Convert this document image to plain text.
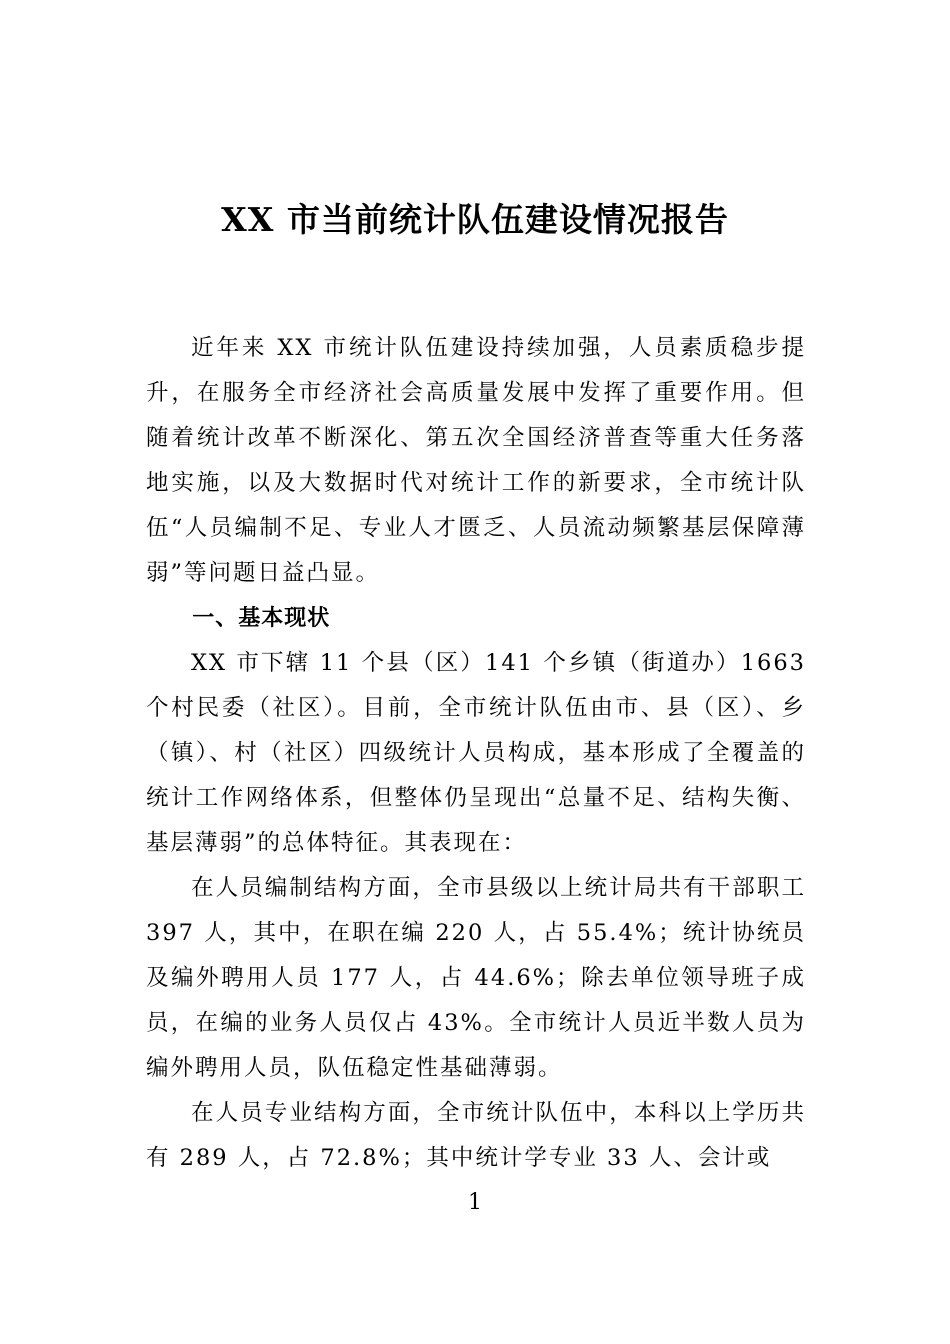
XX 市当前统计队伍建设情况报告

近年来 XX 市统计队伍建设持续加强，人员素质稳步提升，在服务全市经济社会高质量发展中发挥了重要作用。但随着统计改革不断深化、第五次全国经济普查等重大任务落地实施，以及大数据时代对统计工作的新要求，全市统计队伍“人员编制不足、专业人才匮乏、人员流动频繁基层保障薄弱”等问题日益凸显。

一、基本现状

XX 市下辖 11 个县（区）141 个乡镇（街道办）1663 个村民委（社区）。目前，全市统计队伍由市、县（区）、乡（镇）、村（社区）四级统计人员构成，基本形成了全覆盖的统计工作网络体系，但整体仍呈现出“总量不足、结构失衡、基层薄弱”的总体特征。其表现在：

在人员编制结构方面，全市县级以上统计局共有干部职工 397 人，其中，在职在编 220 人，占 55.4%；统计协统员及编外聘用人员 177 人，占 44.6%；除去单位领导班子成员，在编的业务人员仅占 43%。全市统计人员近半数人员为编外聘用人员，队伍稳定性基础薄弱。

在人员专业结构方面，全市统计队伍中，本科以上学历共有 289 人，占 72.8%；其中统计学专业 33 人、会计或

1
